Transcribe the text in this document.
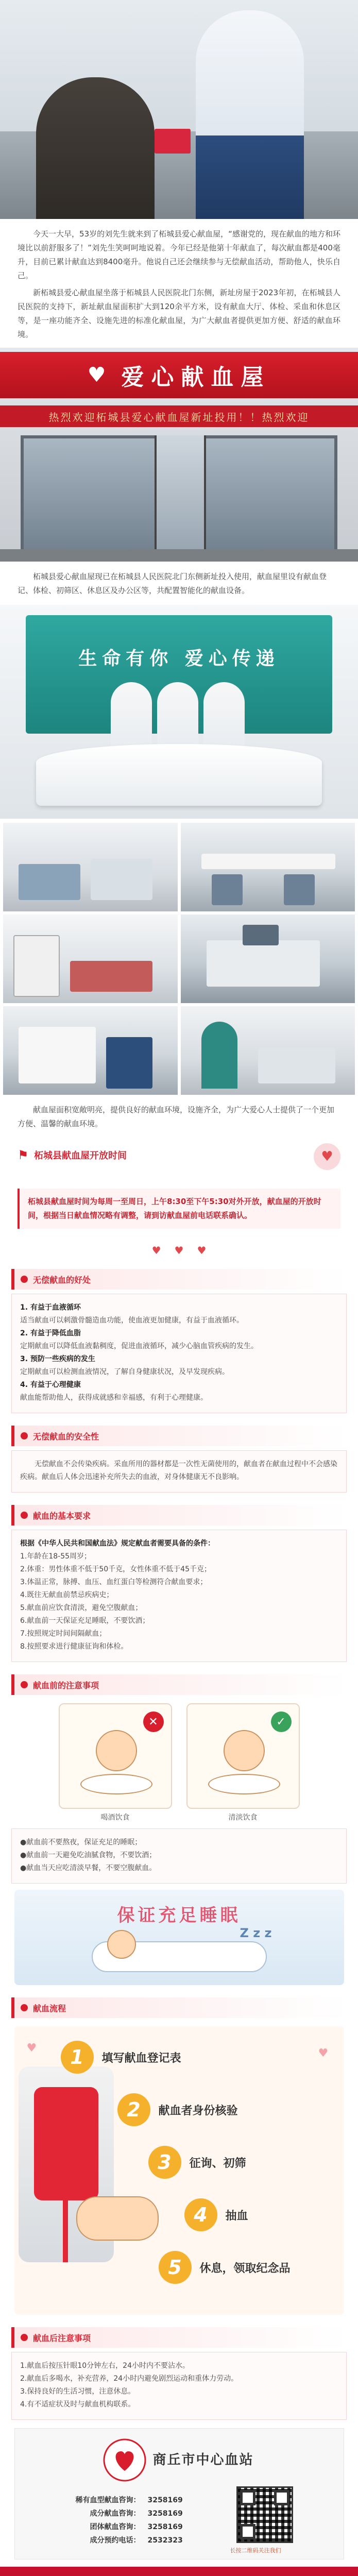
今天一大早，53岁的刘先生就来到了柘城县爱心献血屋，“感谢党的，现在献血的地方和环境比以前舒服多了！”刘先生笑呵呵地说着。今年已经是他第十年献血了，每次献血都是400毫升，目前已累计献血达到8400毫升。他说自己还会继续参与无偿献血活动，帮助他人，快乐自己。
新柘城县爱心献血屋坐落于柘城县人民医院北门东侧，新址房屋于2023年初，在柘城县人民医院的支持下，新址献血屋面积扩大到120余平方米，设有献血大厅、体检、采血和休息区等，是一座功能齐全、设施先进的标准化献血屋，为广大献血者提供更加方便、舒适的献血环境。
♥ 爱心献血屋
热烈欢迎柘城县爱心献血屋新址投用！！热烈欢迎
柘城县爱心献血屋现已在柘城县人民医院北门东侧新址投入使用，献血屋里设有献血登记、体检、初筛区、休息区及办公区等，共配置智能化的献血设备。
生命有你 爱心传递
献血屋面积宽敞明亮，提供良好的献血环境，设施齐全，为广大爱心人士提供了一个更加方便、温馨的献血环境。
⚑ 柘城县献血屋开放时间	♥
柘城县献血屋时间为每周一至周日，上午8:30至下午5:30对外开放，献血屋的开放时间，根据当日献血情况略有调整，请到访献血屋前电话联系确认。
♥ ♥ ♥
无偿献血的好处
1. 有益于血液循环

适当献血可以刺激骨髓造血功能，使血液更加健康，有益于血液循环。

2. 有益于降低血脂

定期献血可以降低血液黏稠度，促进血液循环，减少心脑血管疾病的发生。

3. 预防一些疾病的发生

定期献血可以检测血液情况，了解自身健康状况，及早发现疾病。

4. 有益于心理健康

献血能帮助他人，获得成就感和幸福感，有利于心理健康。

无偿献血的安全性

无偿献血不会传染疾病。采血所用的器材都是一次性无菌使用的，献血者在献血过程中不会感染疾病。献血后人体会迅速补充所失去的血液，对身体健康无不良影响。

献血的基本要求

根据《中华人民共和国献血法》规定献血者需要具备的条件：

1.年龄在18-55周岁；

2.体重：男性体重不低于50千克，女性体重不低于45千克；

3.体温正常，脉搏、血压、血红蛋白等检测符合献血要求；

4.既往无献血前禁忌疾病史；

5.献血前应饮食清淡，避免空腹献血；

6.献血前一天保证充足睡眠，不要饮酒；

7.按照规定时间间隔献血；

8.按照要求进行健康征询和体检。

献血前的注意事项
✕	✓
喝酒饮食	清淡饮食

●献血前不要熬夜，保证充足的睡眠；

●献血前一天避免吃油腻食物，不要饮酒；

●献血当天应吃清淡早餐，不要空腹献血。

保证充足睡眠
Z z z
献血流程
♥
♥	1	填写献血登记表
2	献血者身份核验
3	征询、初筛
4	抽血
5	休息，领取纪念品
献血后注意事项

1.献血后按压针眼10分钟左右，24小时内不要沾水。

2.献血后多喝水，补充营养，24小时内避免剧烈运动和重体力劳动。

3.保持良好的生活习惯，注意休息。

4.有不适症状及时与献血机构联系。

商丘市中心血站
稀有血型献血咨询：	3258169
成分献血咨询：	3258169
团体献血咨询：	3258169
成分预约电话：	2532323
长按二维码关注我们
